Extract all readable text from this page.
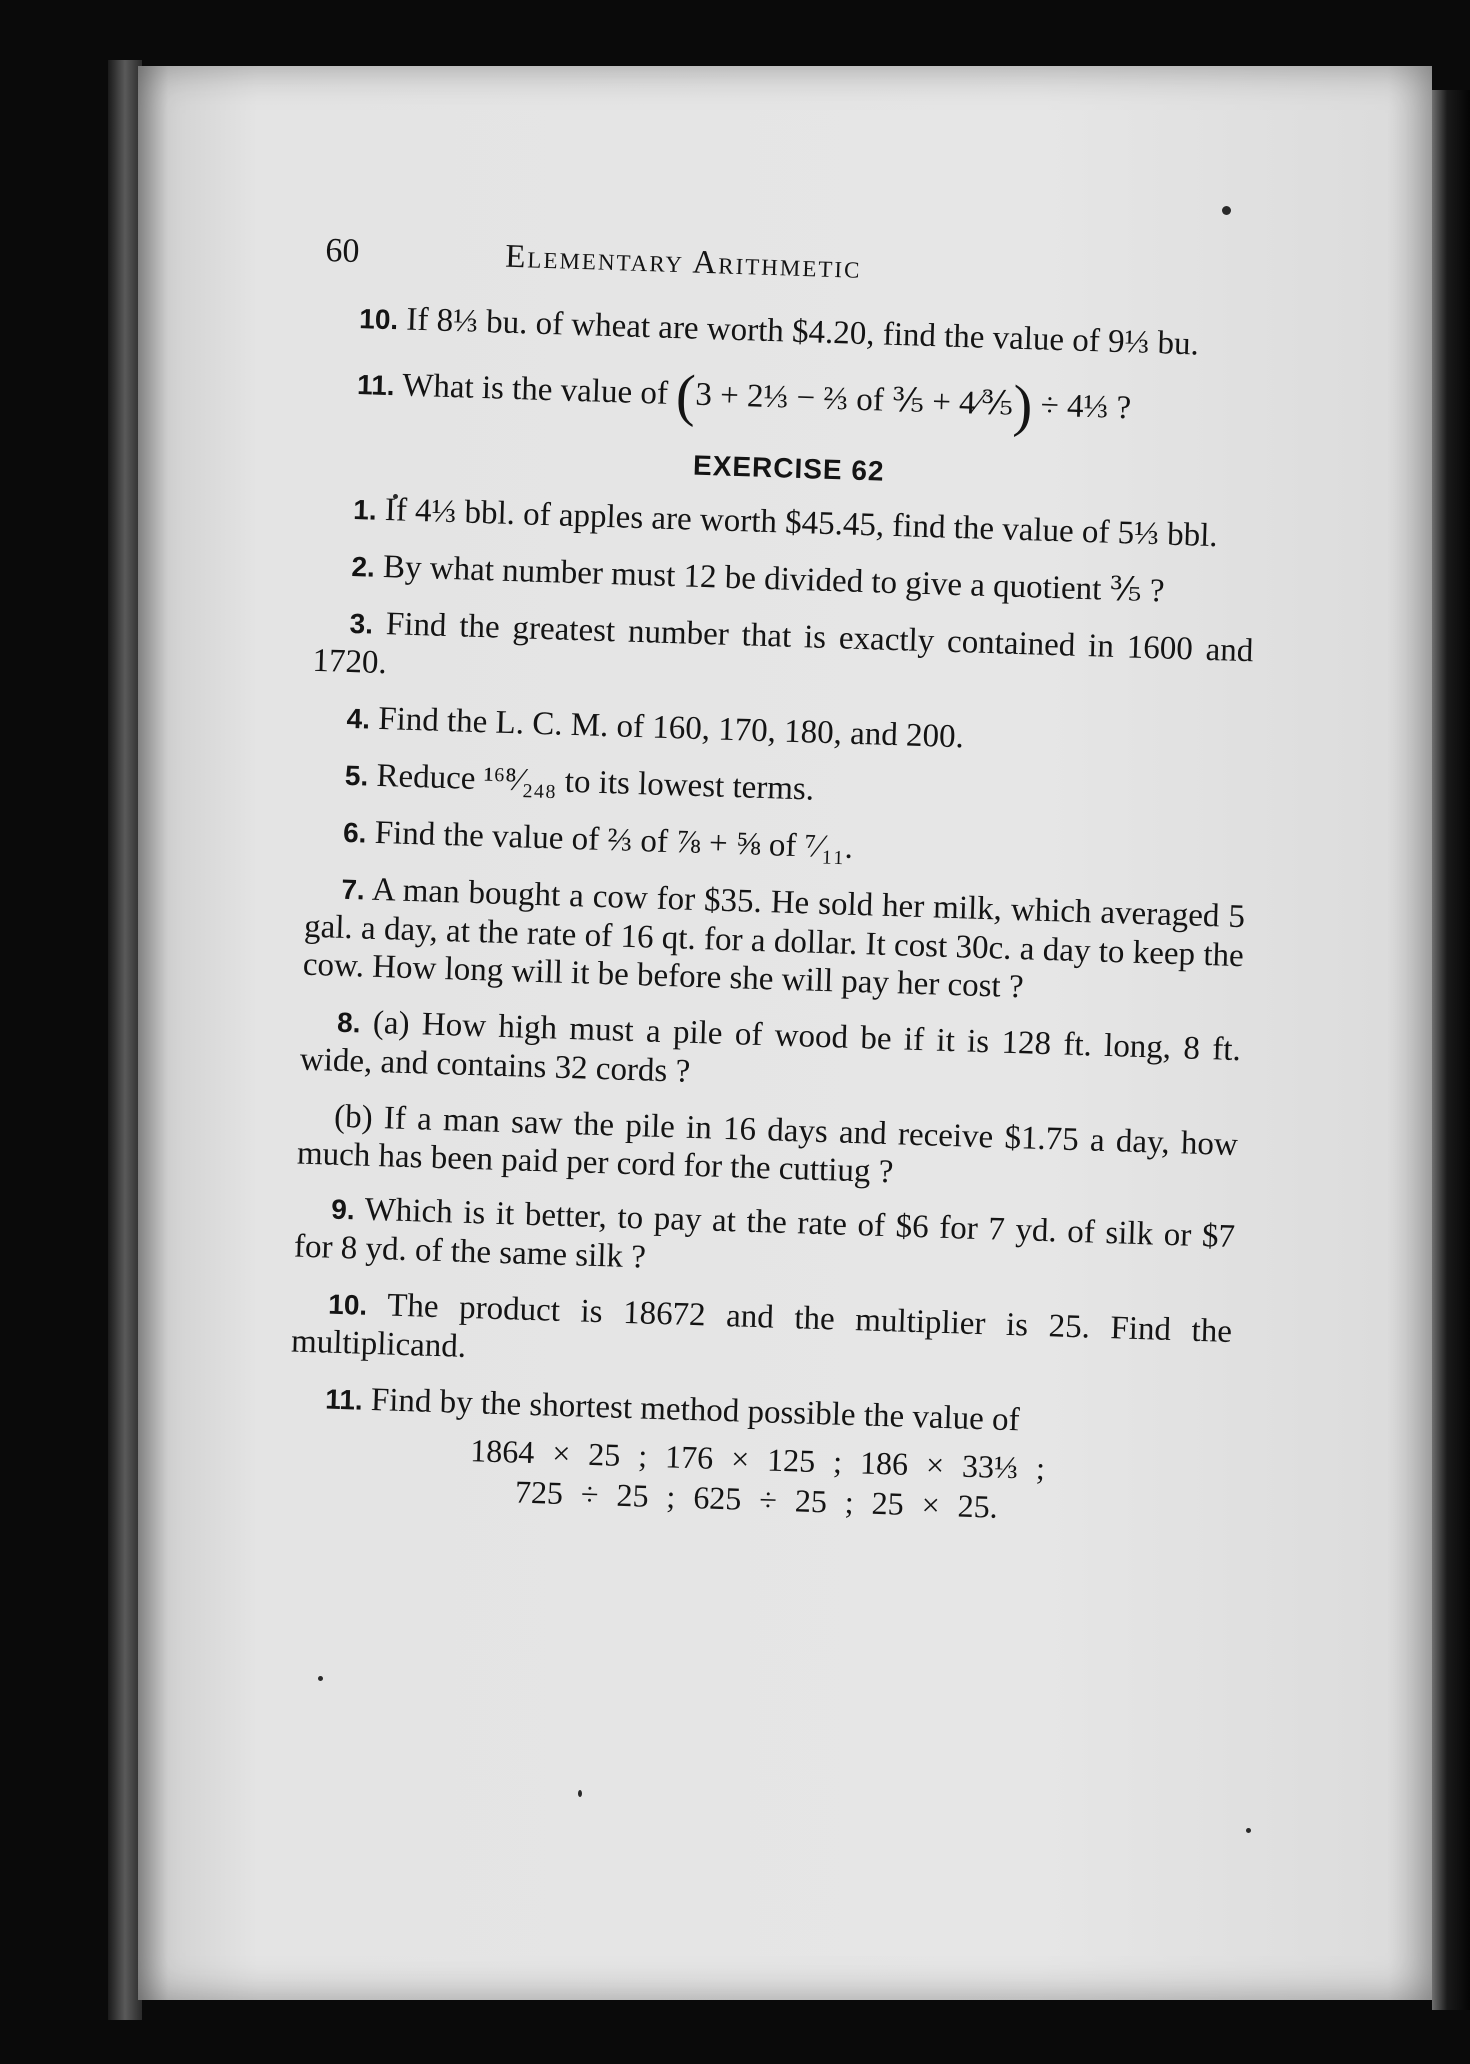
60	Elementary Arithmetic

10. If 8⅓ bu. of wheat are worth $4.20, find the value of 9⅓ bu.

11. What is the value of (3 + 2⅓ − ⅔ of ⅗ + 4⁄⅗) ÷ 4⅓ ?

EXERCISE 62

1. If 4⅓ bbl. of apples are worth $45.45, find the value of 5⅓ bbl.

2. By what number must 12 be divided to give a quotient ⅗ ?

3. Find the greatest number that is exactly contained in 1600 and 1720.

4. Find the L. C. M. of 160, 170, 180, and 200.

5. Reduce ¹⁶⁸⁄₂₄₈ to its lowest terms.

6. Find the value of ⅔ of ⅞ + ⅝ of ⁷⁄₁₁.

7. A man bought a cow for $35. He sold her milk, which averaged 5 gal. a day, at the rate of 16 qt. for a dollar. It cost 30c. a day to keep the cow. How long will it be before she will pay her cost ?

8. (a) How high must a pile of wood be if it is 128 ft. long, 8 ft. wide, and contains 32 cords ?

(b) If a man saw the pile in 16 days and receive $1.75 a day, how much has been paid per cord for the cuttiug ?

9. Which is it better, to pay at the rate of $6 for 7 yd. of silk or $7 for 8 yd. of the same silk ?

10. The product is 18672 and the multiplier is 25. Find the multiplicand.

11. Find by the shortest method possible the value of

1864 × 25 ; 176 × 125 ; 186 × 33⅓ ;
725 ÷ 25 ; 625 ÷ 25 ; 25 × 25.
